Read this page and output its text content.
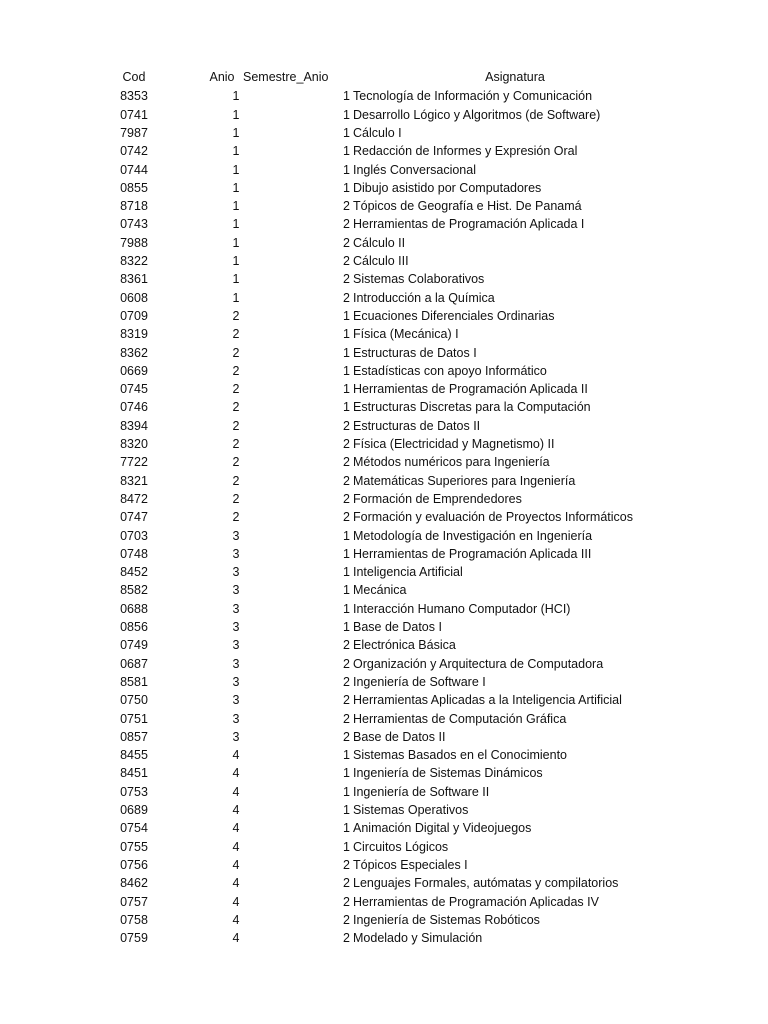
Cod	Anio Semestre_Anio	Asignatura
8353	1	1 Tecnología de Información y Comunicación
0741	1	1 Desarrollo Lógico y Algoritmos (de Software)
7987	1	1 Cálculo I
0742	1	1 Redacción de Informes y Expresión Oral
0744	1	1 Inglés Conversacional
0855	1	1 Dibujo asistido por Computadores
8718	1	2 Tópicos de Geografía e Hist. De Panamá
0743	1	2 Herramientas de Programación Aplicada I
7988	1	2 Cálculo II
8322	1	2 Cálculo III
8361	1	2 Sistemas Colaborativos
0608	1	2 Introducción a la Química
0709	2	1 Ecuaciones Diferenciales Ordinarias
8319	2	1 Física (Mecánica) I
8362	2	1 Estructuras de Datos I
0669	2	1 Estadísticas con apoyo Informático
0745	2	1 Herramientas de Programación Aplicada II
0746	2	1 Estructuras Discretas para la Computación
8394	2	2 Estructuras de Datos II
8320	2	2 Física (Electricidad y Magnetismo) II
7722	2	2 Métodos numéricos para Ingeniería
8321	2	2 Matemáticas Superiores para Ingeniería
8472	2	2 Formación de Emprendedores
0747	2	2 Formación y evaluación de Proyectos Informáticos
0703	3	1 Metodología de Investigación en Ingeniería
0748	3	1 Herramientas de Programación Aplicada III
8452	3	1 Inteligencia Artificial
8582	3	1 Mecánica
0688	3	1 Interacción Humano Computador (HCI)
0856	3	1 Base de Datos I
0749	3	2 Electrónica Básica
0687	3	2 Organización y Arquitectura de Computadora
8581	3	2 Ingeniería de Software I
0750	3	2 Herramientas Aplicadas a la Inteligencia Artificial
0751	3	2 Herramientas de Computación Gráfica
0857	3	2 Base de Datos II
8455	4	1 Sistemas Basados en el Conocimiento
8451	4	1 Ingeniería de Sistemas Dinámicos
0753	4	1 Ingeniería de Software II
0689	4	1 Sistemas Operativos
0754	4	1 Animación Digital y Videojuegos
0755	4	1 Circuitos Lógicos
0756	4	2 Tópicos Especiales I
8462	4	2 Lenguajes Formales, autómatas y compilatorios
0757	4	2 Herramientas de Programación Aplicadas IV
0758	4	2 Ingeniería de Sistemas Robóticos
0759	4	2 Modelado y Simulación
